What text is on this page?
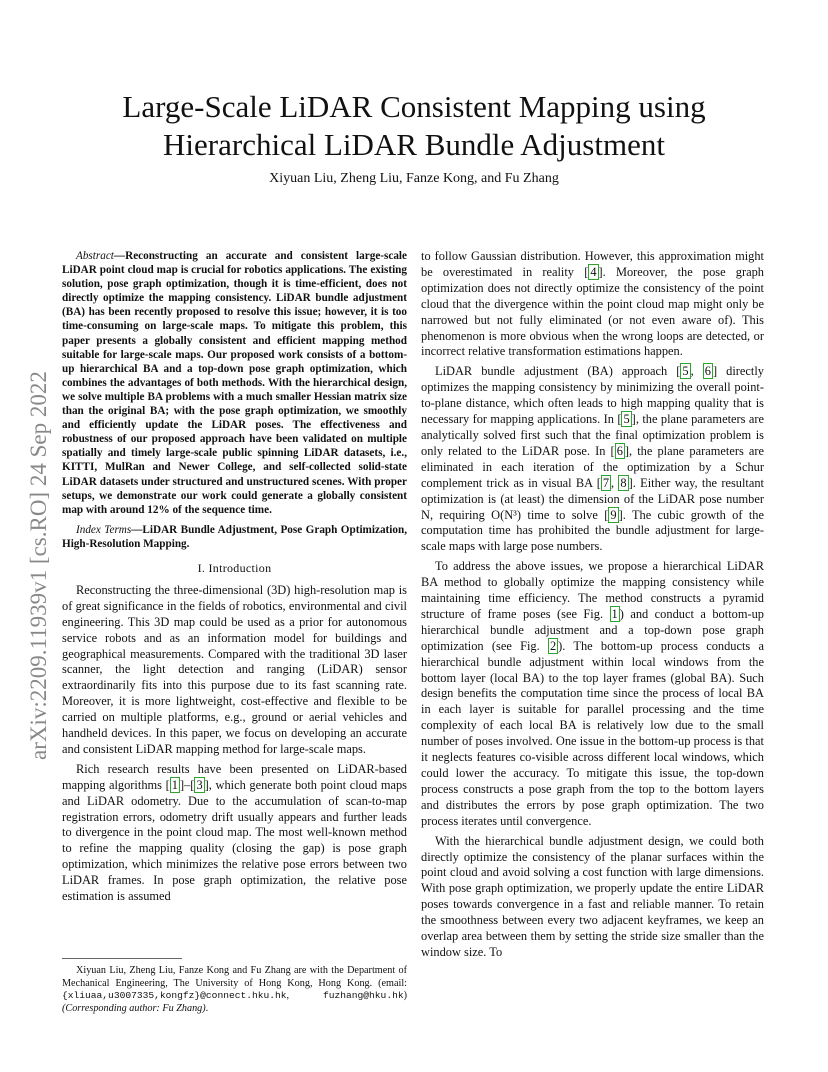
Large-Scale LiDAR Consistent Mapping using
Hierarchical LiDAR Bundle Adjustment
Xiyuan Liu, Zheng Liu, Fanze Kong, and Fu Zhang
arXiv:2209.11939v1 [cs.RO] 24 Sep 2022

Abstract—Reconstructing an accurate and consistent large-scale LiDAR point cloud map is crucial for robotics applications. The existing solution, pose graph optimization, though it is time-efficient, does not directly optimize the mapping consistency. LiDAR bundle adjustment (BA) has been recently proposed to resolve this issue; however, it is too time-consuming on large-scale maps. To mitigate this problem, this paper presents a globally consistent and efficient mapping method suitable for large-scale maps. Our proposed work consists of a bottom-up hierarchical BA and a top-down pose graph optimization, which combines the advantages of both methods. With the hierarchical design, we solve multiple BA problems with a much smaller Hessian matrix size than the original BA; with the pose graph optimization, we smoothly and efficiently update the LiDAR poses. The effectiveness and robustness of our proposed approach have been validated on multiple spatially and timely large-scale public spinning LiDAR datasets, i.e., KITTI, MulRan and Newer College, and self-collected solid-state LiDAR datasets under structured and unstructured scenes. With proper setups, we demonstrate our work could generate a globally consistent map with around 12% of the sequence time.

Index Terms—LiDAR Bundle Adjustment, Pose Graph Optimization, High-Resolution Mapping.

I. Introduction

Reconstructing the three-dimensional (3D) high-resolution map is of great significance in the fields of robotics, environmental and civil engineering. This 3D map could be used as a prior for autonomous service robots and as an information model for buildings and geographical measurements. Compared with the traditional 3D laser scanner, the light detection and ranging (LiDAR) sensor extraordinarily fits into this purpose due to its fast scanning rate. Moreover, it is more lightweight, cost-effective and flexible to be carried on multiple platforms, e.g., ground or aerial vehicles and handheld devices. In this paper, we focus on developing an accurate and consistent LiDAR mapping method for large-scale maps.

Rich research results have been presented on LiDAR-based mapping algorithms [ 1 ]–[ 3 ], which generate both point cloud maps and LiDAR odometry. Due to the accumulation of scan-to-map registration errors, odometry drift usually appears and further leads to divergence in the point cloud map. The most well-known method to refine the mapping quality (closing the gap) is pose graph optimization, which minimizes the relative pose errors between two LiDAR frames. In pose graph optimization, the relative pose estimation is assumed

Xiyuan Liu, Zheng Liu, Fanze Kong and Fu Zhang are with the Department of Mechanical Engineering, The University of Hong Kong, Hong Kong. (email: {xliuaa,u3007335,kongfz}@connect.hku.hk, fuzhang@hku.hk) (Corresponding author: Fu Zhang).

to follow Gaussian distribution. However, this approximation might be overestimated in reality [ 4 ]. Moreover, the pose graph optimization does not directly optimize the consistency of the point cloud that the divergence within the point cloud map might only be narrowed but not fully eliminated (or not even aware of). This phenomenon is more obvious when the wrong loops are detected, or incorrect relative transformation estimations happen.

LiDAR bundle adjustment (BA) approach [ 5 , 6 ] directly optimizes the mapping consistency by minimizing the overall point-to-plane distance, which often leads to high mapping quality that is necessary for mapping applications. In [ 5 ], the plane parameters are analytically solved first such that the final optimization problem is only related to the LiDAR pose. In [ 6 ], the plane parameters are eliminated in each iteration of the optimization by a Schur complement trick as in visual BA [ 7 , 8 ]. Either way, the resultant optimization is (at least) the dimension of the LiDAR pose number N, requiring O(N³) time to solve [ 9 ]. The cubic growth of the computation time has prohibited the bundle adjustment for large-scale maps with large pose numbers.

To address the above issues, we propose a hierarchical LiDAR BA method to globally optimize the mapping consistency while maintaining time efficiency. The method constructs a pyramid structure of frame poses (see Fig. 1 ) and conduct a bottom-up hierarchical bundle adjustment and a top-down pose graph optimization (see Fig. 2 ). The bottom-up process conducts a hierarchical bundle adjustment within local windows from the bottom layer (local BA) to the top layer frames (global BA). Such design benefits the computation time since the process of local BA in each layer is suitable for parallel processing and the time complexity of each local BA is relatively low due to the small number of poses involved. One issue in the bottom-up process is that it neglects features co-visible across different local windows, which could lower the accuracy. To mitigate this issue, the top-down process constructs a pose graph from the top to the bottom layers and distributes the errors by pose graph optimization. The two process iterates until convergence.

With the hierarchical bundle adjustment design, we could both directly optimize the consistency of the planar surfaces within the point cloud and avoid solving a cost function with large dimensions. With pose graph optimization, we properly update the entire LiDAR poses towards convergence in a fast and reliable manner. To retain the smoothness between every two adjacent keyframes, we keep an overlap area between them by setting the stride size smaller than the window size. To
